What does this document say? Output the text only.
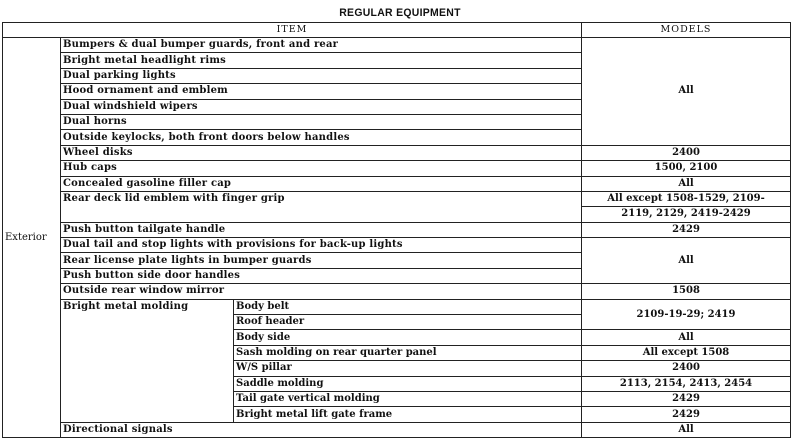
REGULAR EQUIPMENT
ITEM			MODELS
Exterior	Bumpers & dual bumper guards, front and rear		All
	Bright metal headlight rims		
	Dual parking lights		
	Hood ornament and emblem		
	Dual windshield wipers		
	Dual horns		
	Outside keylocks, both front doors below handles		
	Wheel disks		2400
	Hub caps		1500, 2100
	Concealed gasoline filler cap		All
	Rear deck lid emblem with finger grip		All except 1508-1529, 2109-
			2119, 2129, 2419-2429
	Push button tailgate handle		2429
	Dual tail and stop lights with provisions for back-up lights		All
	Rear license plate lights in bumper guards		
	Push button side door handles		
	Outside rear window mirror		1508
	Bright metal molding	Body belt	2109-19-29; 2419
		Roof header	
		Body side	All
		Sash molding on rear quarter panel	All except 1508
		W/S pillar	2400
		Saddle molding	2113, 2154, 2413, 2454
		Tail gate vertical molding	2429
		Bright metal lift gate frame	2429
	Directional signals		All
